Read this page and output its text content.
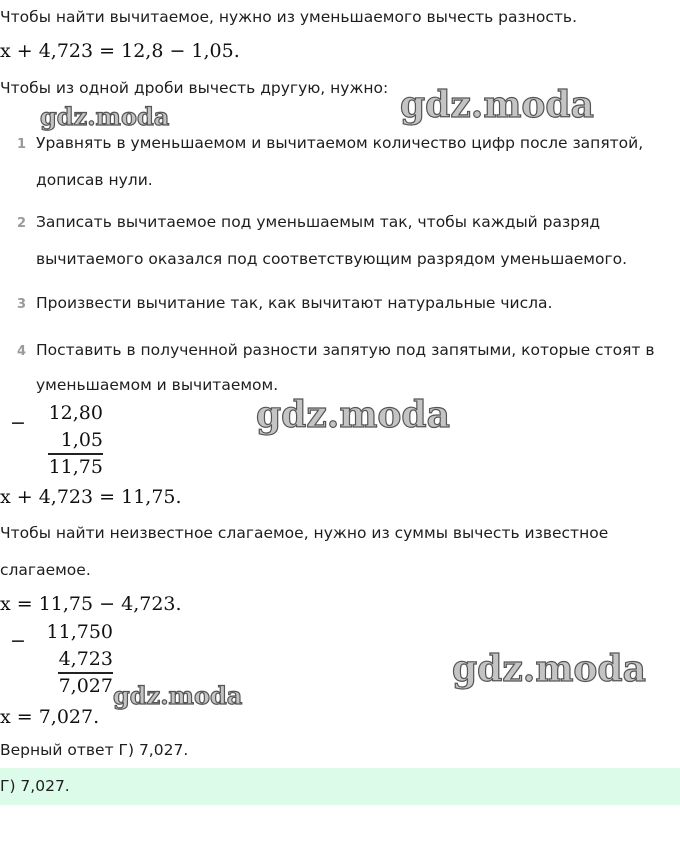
Чтобы найти вычитаемое, нужно из уменьшаемого вычесть разность.
x + 4,723 = 12,8 − 1,05.
Чтобы из одной дроби вычесть другую, нужно:
gdz.moda	gdz.moda
1 Уравнять в уменьшаемом и вычитаемом количество цифр после запятой,
дописав нули.
2 Записать вычитаемое под уменьшаемым так, чтобы каждый разряд
вычитаемого оказался под соответствующим разрядом уменьшаемого.
3 Произвести вычитание так, как вычитают натуральные числа.
4 Поставить в полученной разности запятую под запятыми, которые стоят в
уменьшаемом и вычитаемом.
−	12,80
1,05
11,75
gdz.moda
x + 4,723 = 11,75.
Чтобы найти неизвестное слагаемое, нужно из суммы вычесть известное
слагаемое.
x = 11,75 − 4,723.
−	11,750
4,723
7,027 gdz.moda
gdz.moda
x = 7,027.
Верный ответ Г) 7,027.
Г) 7,027.
